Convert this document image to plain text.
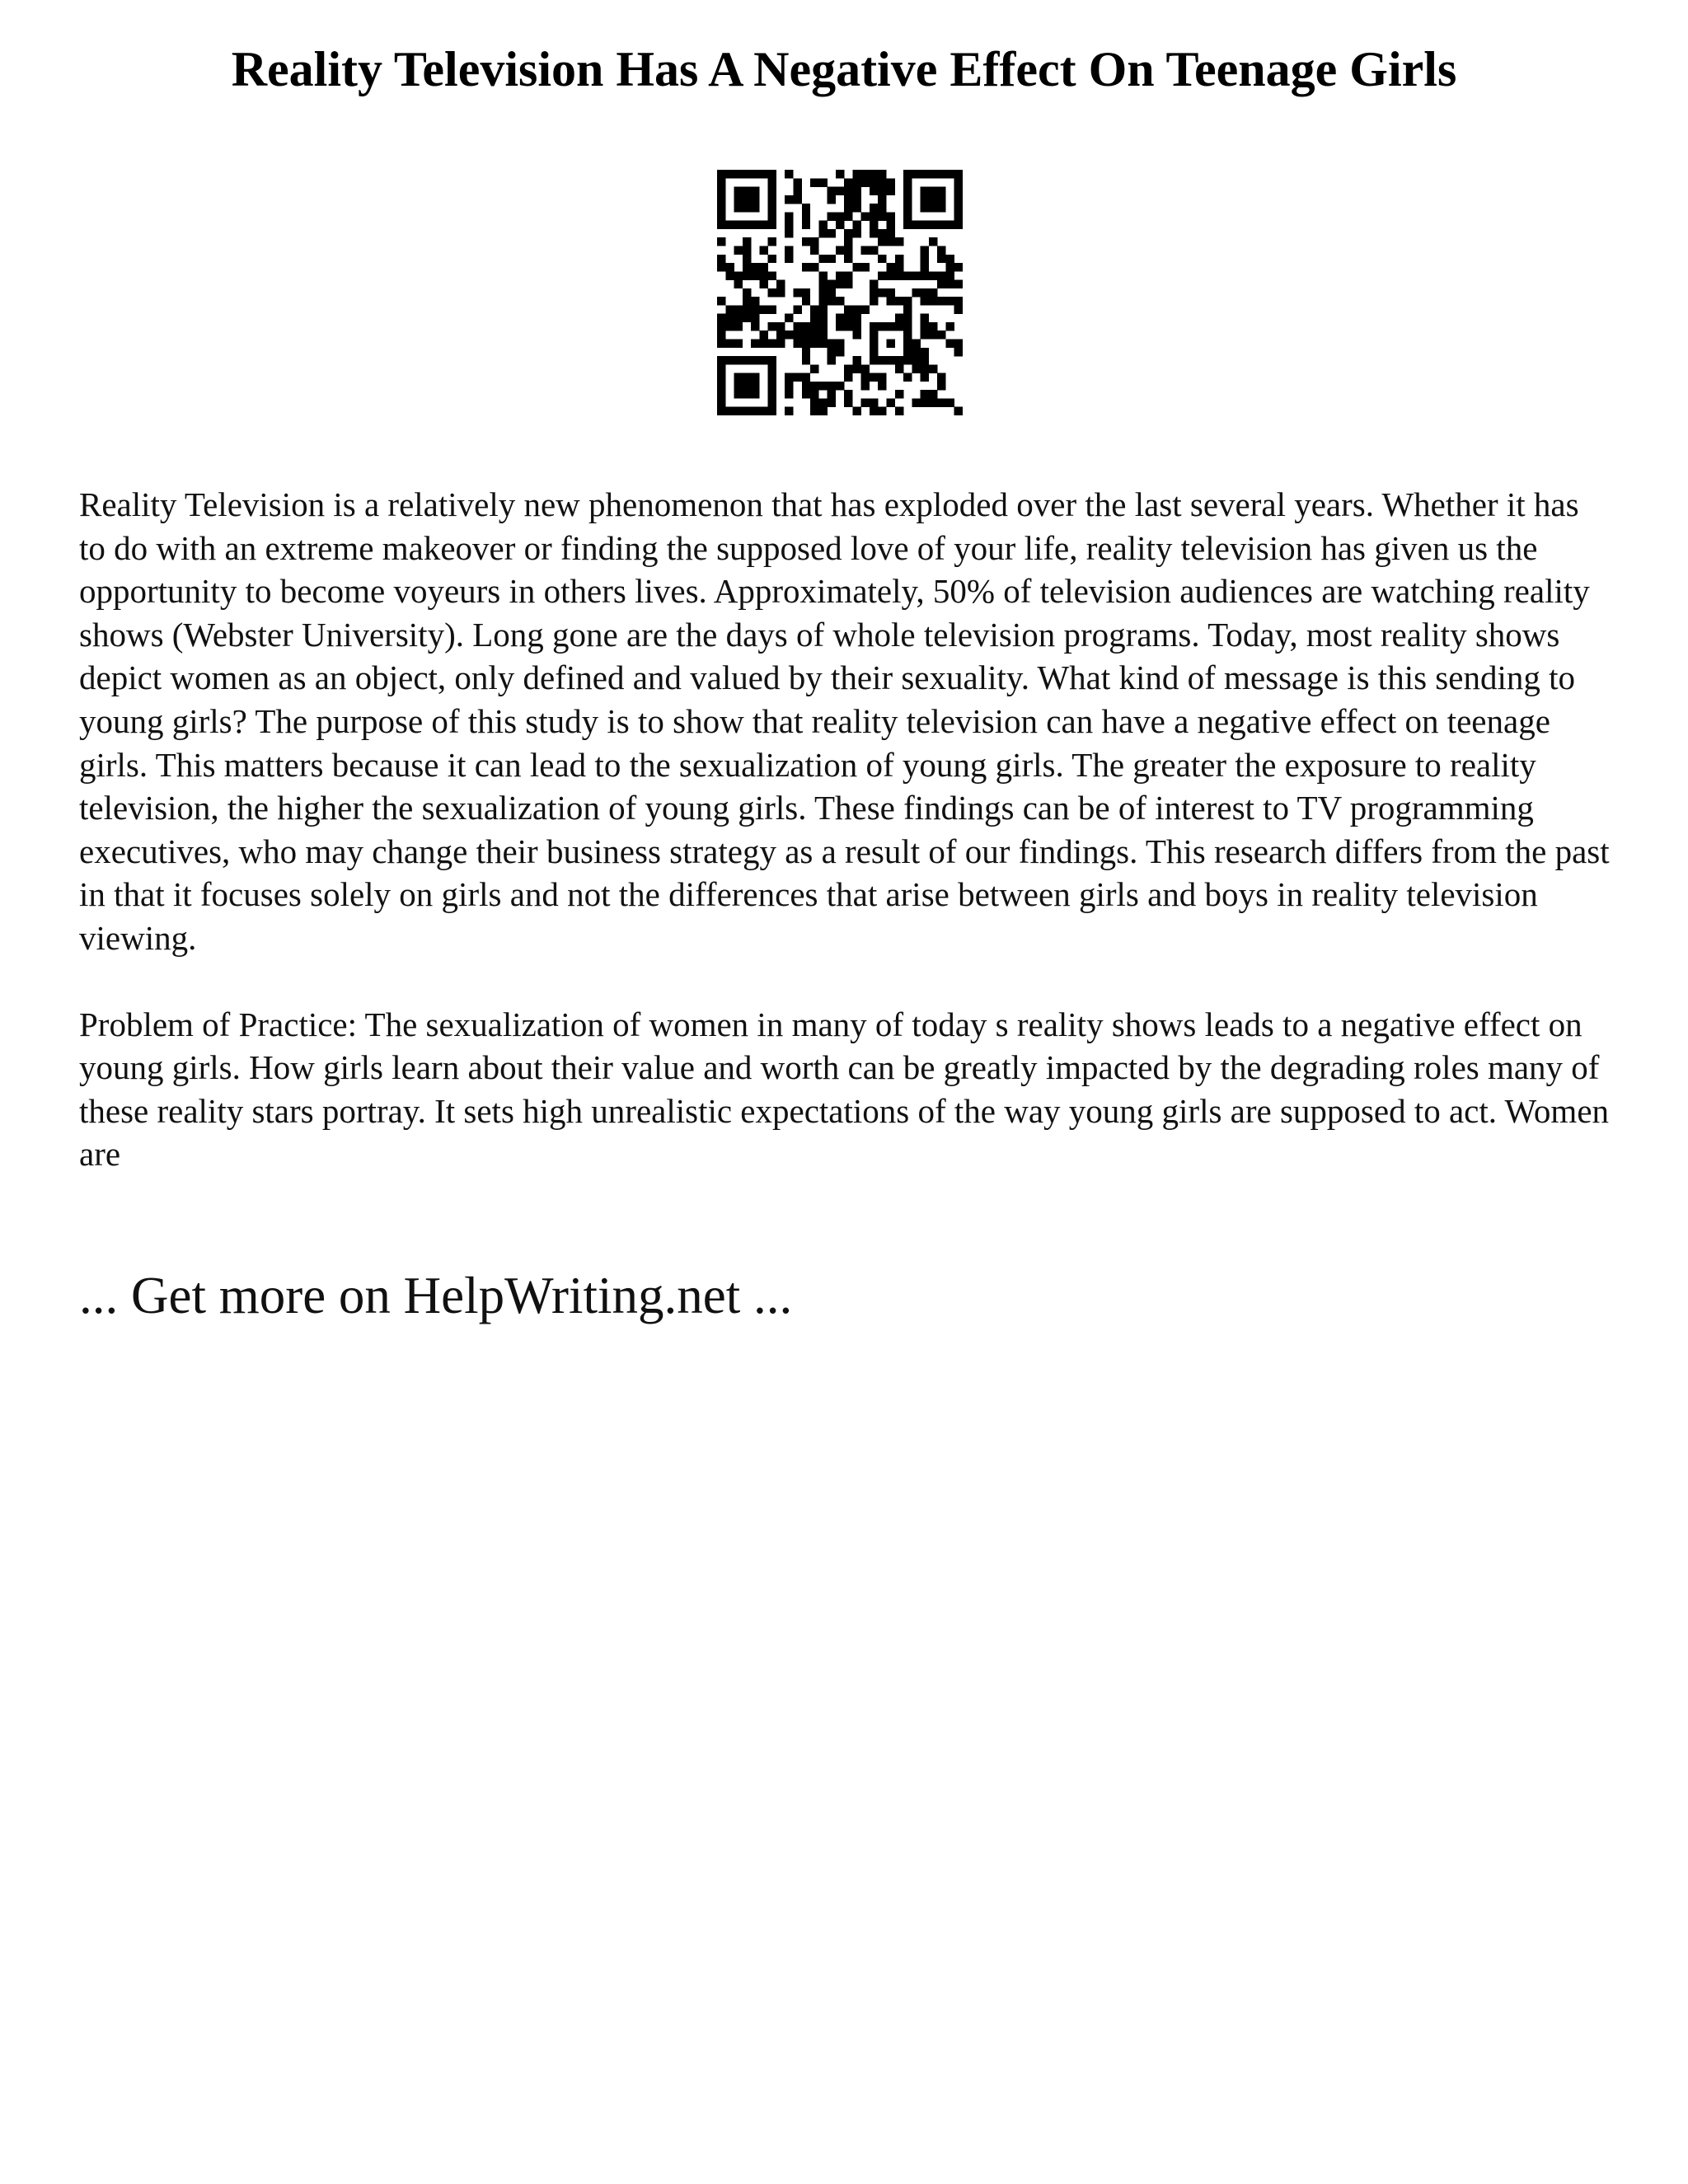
Reality Television Has A Negative Effect On Teenage Girls

Reality Television is a relatively new phenomenon that has exploded over the last several years. Whether it has to do with an extreme makeover or finding the supposed love of your life, reality television has given us the opportunity to become voyeurs in others lives. Approximately, 50% of television audiences are watching reality shows (Webster University). Long gone are the days of whole television programs. Today, most reality shows depict women as an object, only defined and valued by their sexuality. What kind of message is this sending to young girls? The purpose of this study is to show that reality television can have a negative effect on teenage girls. This matters because it can lead to the sexualization of young girls. The greater the exposure to reality television, the higher the sexualization of young girls. These findings can be of interest to TV programming executives, who may change their business strategy as a result of our findings. This research differs from the past in that it focuses solely on girls and not the differences that arise between girls and boys in reality television viewing.

Problem of Practice: The sexualization of women in many of today s reality shows leads to a negative effect on young girls. How girls learn about their value and worth can be greatly impacted by the degrading roles many of these reality stars portray. It sets high unrealistic expectations of the way young girls are supposed to act. Women are

... Get more on HelpWriting.net ...
